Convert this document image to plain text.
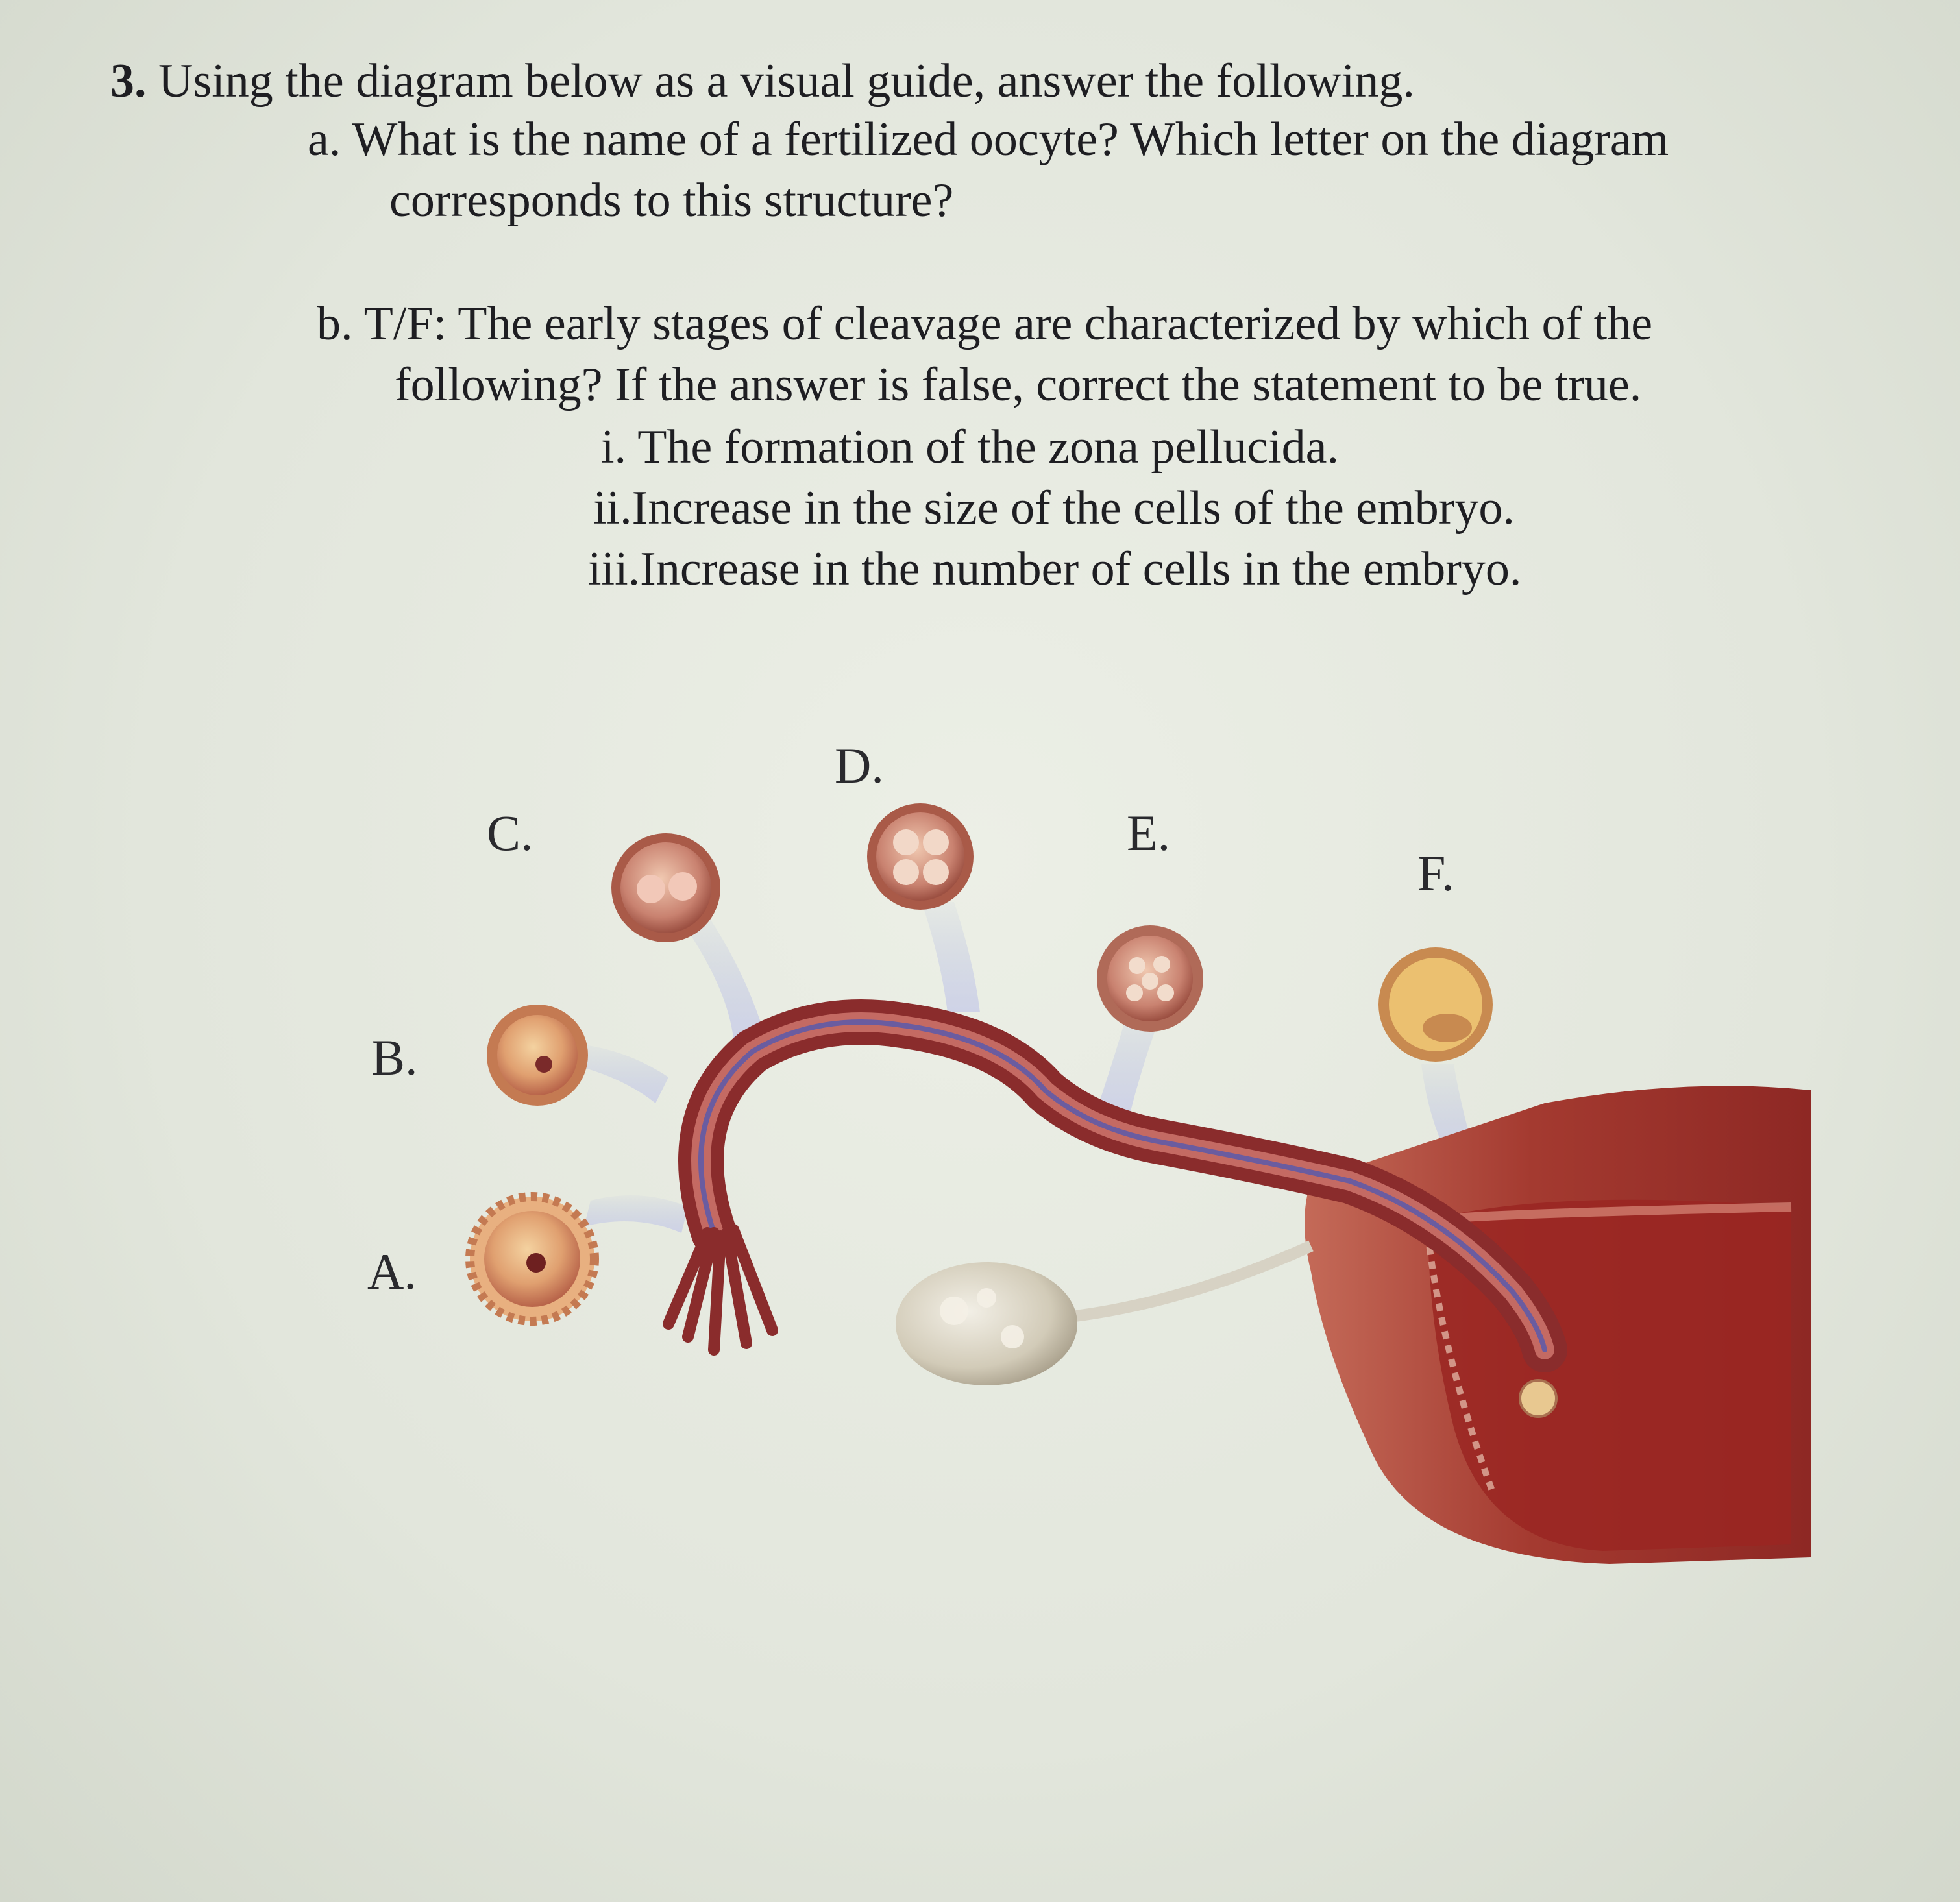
3. Using the diagram below as a visual guide, answer the following.
a. What is the name of a fertilized oocyte? Which letter on the diagram
corresponds to this structure?
b. T/F: The early stages of cleavage are characterized by which of the
following? If the answer is false, correct the statement to be true.
i. The formation of the zona pellucida.
ii.Increase in the size of the cells of the embryo.
iii.Increase in the number of cells in the embryo.
A.
B.
C.
D.
E.
F.
